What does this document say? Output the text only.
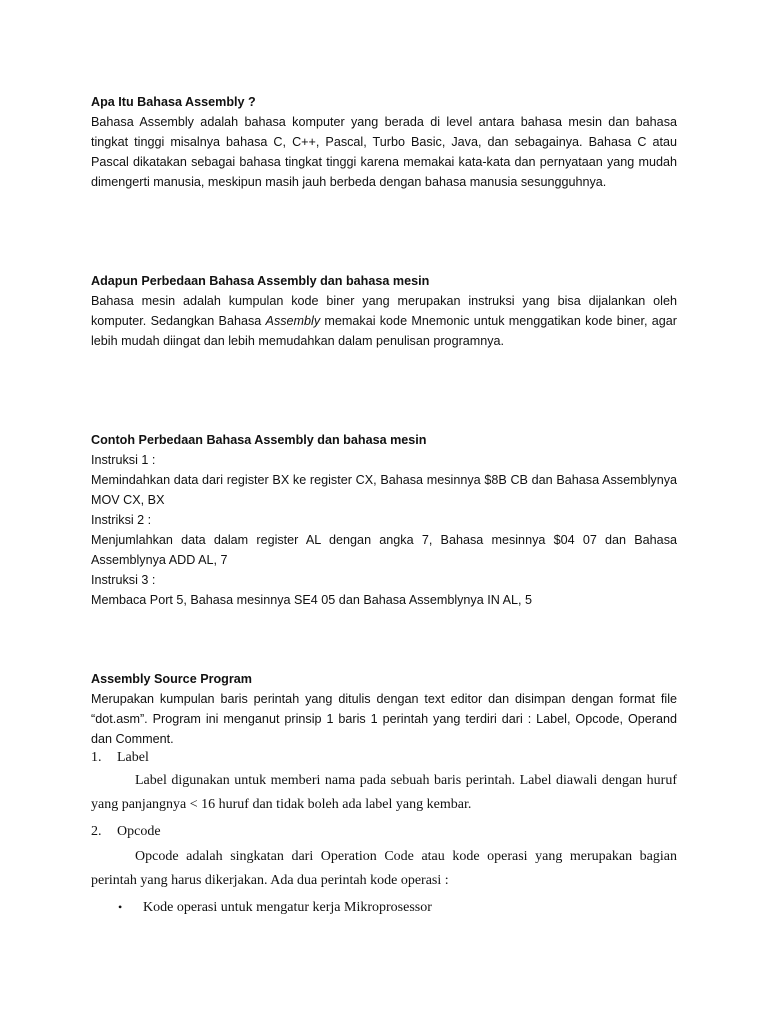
Apa Itu Bahasa Assembly ?

Bahasa Assembly adalah bahasa komputer yang berada di level antara bahasa mesin dan bahasa tingkat tinggi misalnya bahasa C, C++, Pascal, Turbo Basic, Java, dan sebagainya. Bahasa C atau Pascal dikatakan sebagai bahasa tingkat tinggi karena memakai kata-kata dan pernyataan yang mudah dimengerti manusia, meskipun masih jauh berbeda dengan bahasa manusia sesungguhnya.

Adapun Perbedaan Bahasa Assembly dan bahasa mesin

Bahasa mesin adalah kumpulan kode biner yang merupakan instruksi yang bisa dijalankan oleh komputer. Sedangkan Bahasa Assembly memakai kode Mnemonic untuk menggatikan kode biner, agar lebih mudah diingat dan lebih memudahkan dalam penulisan programnya.

Contoh Perbedaan Bahasa Assembly dan bahasa mesin

Instruksi 1 :

Memindahkan data dari register BX ke register CX, Bahasa mesinnya $8B CB dan Bahasa Assemblynya MOV CX, BX

Instriksi 2 :

Menjumlahkan data dalam register AL dengan angka 7, Bahasa mesinnya $04 07 dan Bahasa Assemblynya ADD AL, 7

Instruksi 3 :

Membaca Port 5, Bahasa mesinnya SE4 05 dan Bahasa Assemblynya IN AL, 5

Assembly Source Program

Merupakan kumpulan baris perintah yang ditulis dengan text editor dan disimpan dengan format file “dot.asm”. Program ini menganut prinsip 1 baris 1 perintah yang terdiri dari : Label, Opcode, Operand dan Comment.

1. Label

Label digunakan untuk memberi nama pada sebuah baris perintah. Label diawali dengan huruf yang panjangnya < 16 huruf dan tidak boleh ada label yang kembar.

2. Opcode

Opcode adalah singkatan dari Operation Code atau kode operasi yang merupakan bagian perintah yang harus dikerjakan. Ada dua perintah kode operasi :

• Kode operasi untuk mengatur kerja Mikroprosessor
